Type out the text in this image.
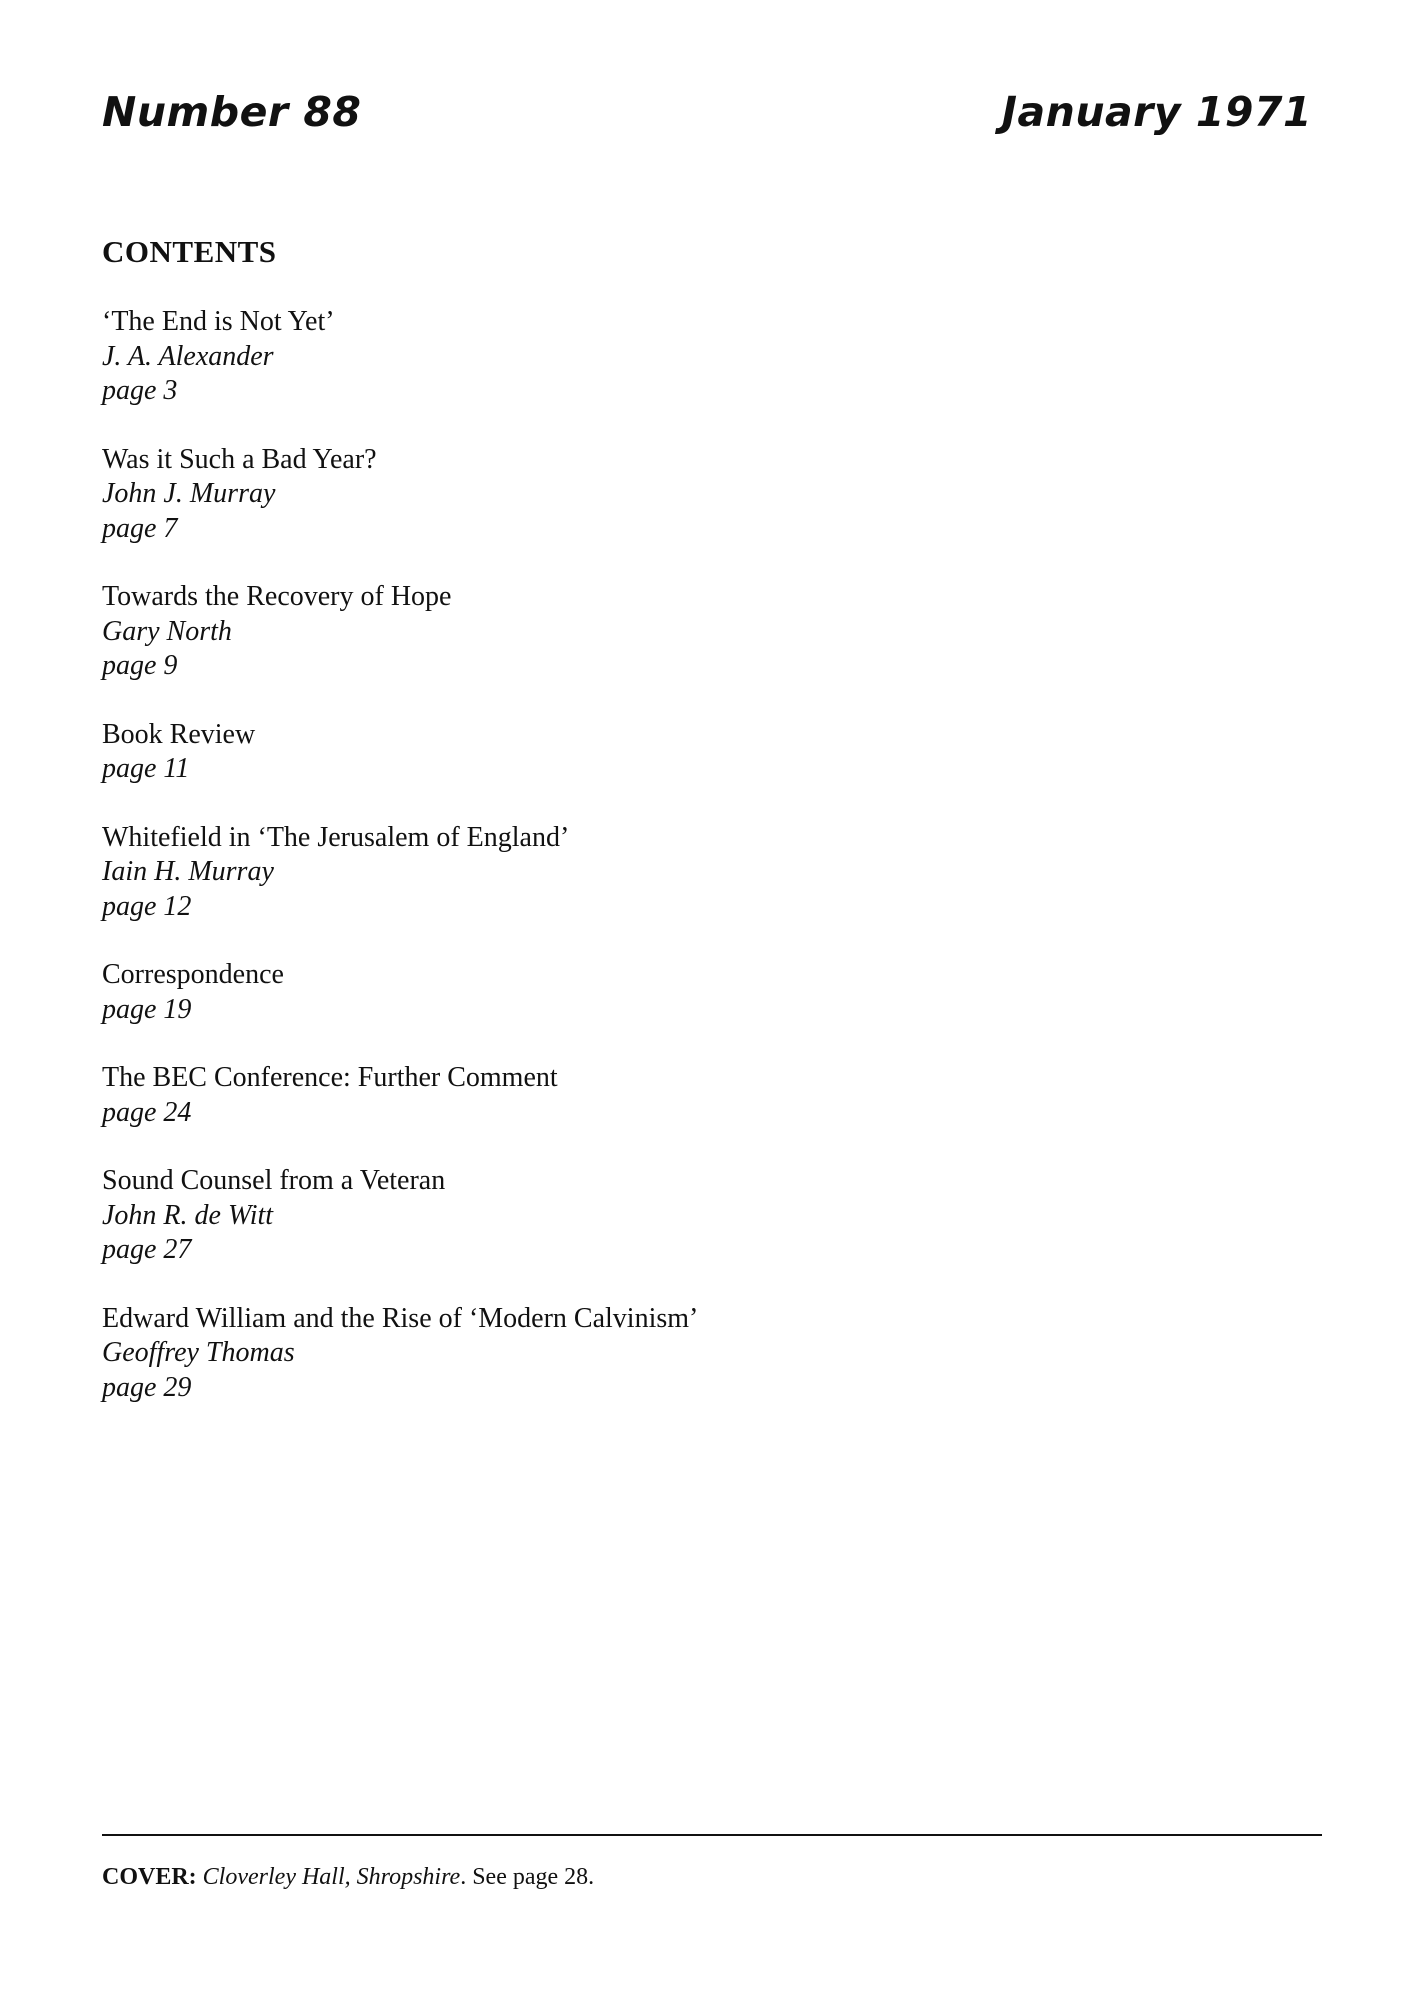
Number 88	January 1971
CONTENTS
‘The End is Not Yet’
J. A. Alexander
page 3
Was it Such a Bad Year?
John J. Murray
page 7
Towards the Recovery of Hope
Gary North
page 9
Book Review
page 11
Whitefield in ‘The Jerusalem of England’
Iain H. Murray
page 12
Correspondence
page 19
The BEC Conference: Further Comment
page 24
Sound Counsel from a Veteran
John R. de Witt
page 27
Edward William and the Rise of ‘Modern Calvinism’
Geoffrey Thomas
page 29
COVER: Cloverley Hall, Shropshire. See page 28.
